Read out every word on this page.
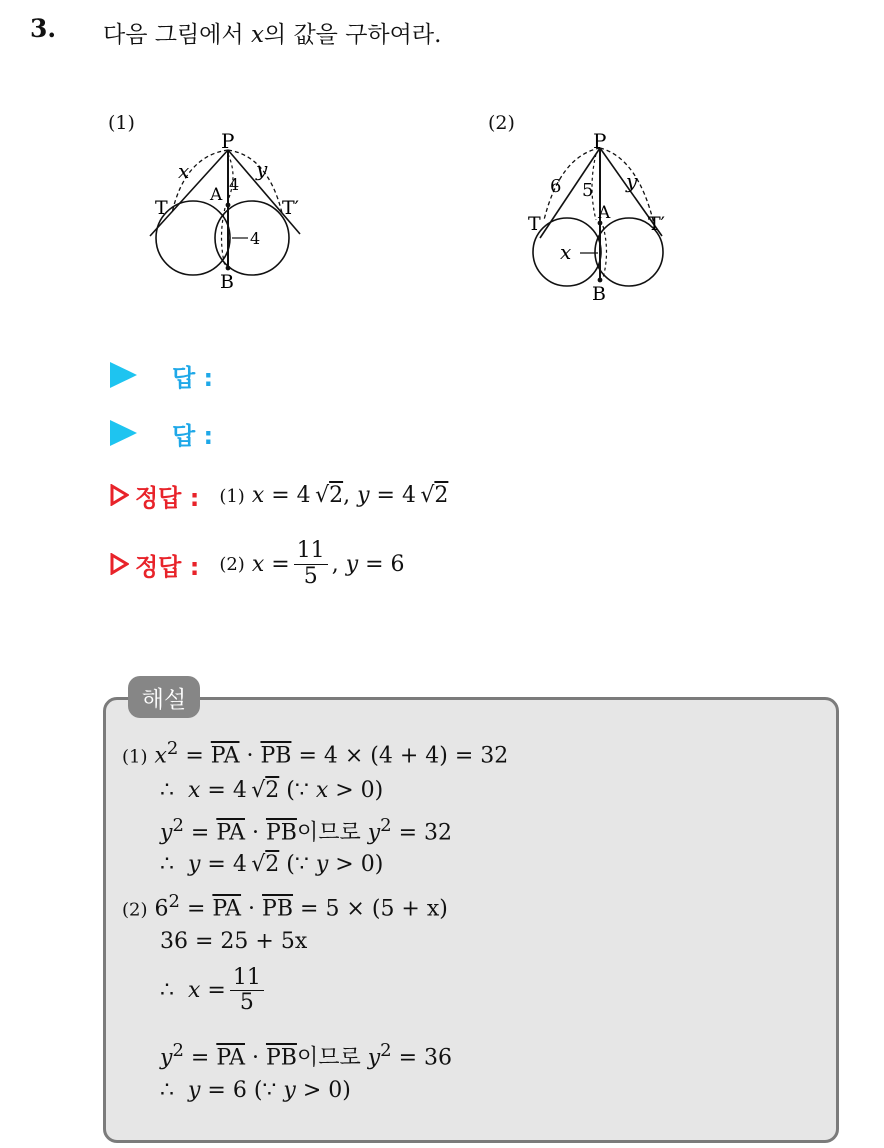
3. 다음 그림에서 x의 값을 구하여라.
(1)
P
x	y
4
A
T	T′
4
B
(2)
P
6 5 y
A
T	T′
x
B
답 :
답 :
정답 : (1) x = 4 √2, y = 4 √2
정답 : (2)
$x = \frac{11}{5}$ , y = 6
해설
(1) $x^2 = \overline{PA} \cdot \overline{PB} = 4 \times (4 + 4) = 32$
∴  x = 4 √2 (∵ x > 0)
$y^2 = \overline{PA} \cdot \overline{PB}$이므로 $y^2 = 32$
∴  y = 4 √2 (∵ y > 0)
(2) $6^2 = \overline{PA} \cdot \overline{PB} = 5 \times (5 + x)$
36 = 25 + 5x
∴ $x = \frac{11}{5}$
$y^2 = \overline{PA} \cdot \overline{PB}$이므로 $y^2 = 36$
∴  y = 6 (∵ y > 0)
